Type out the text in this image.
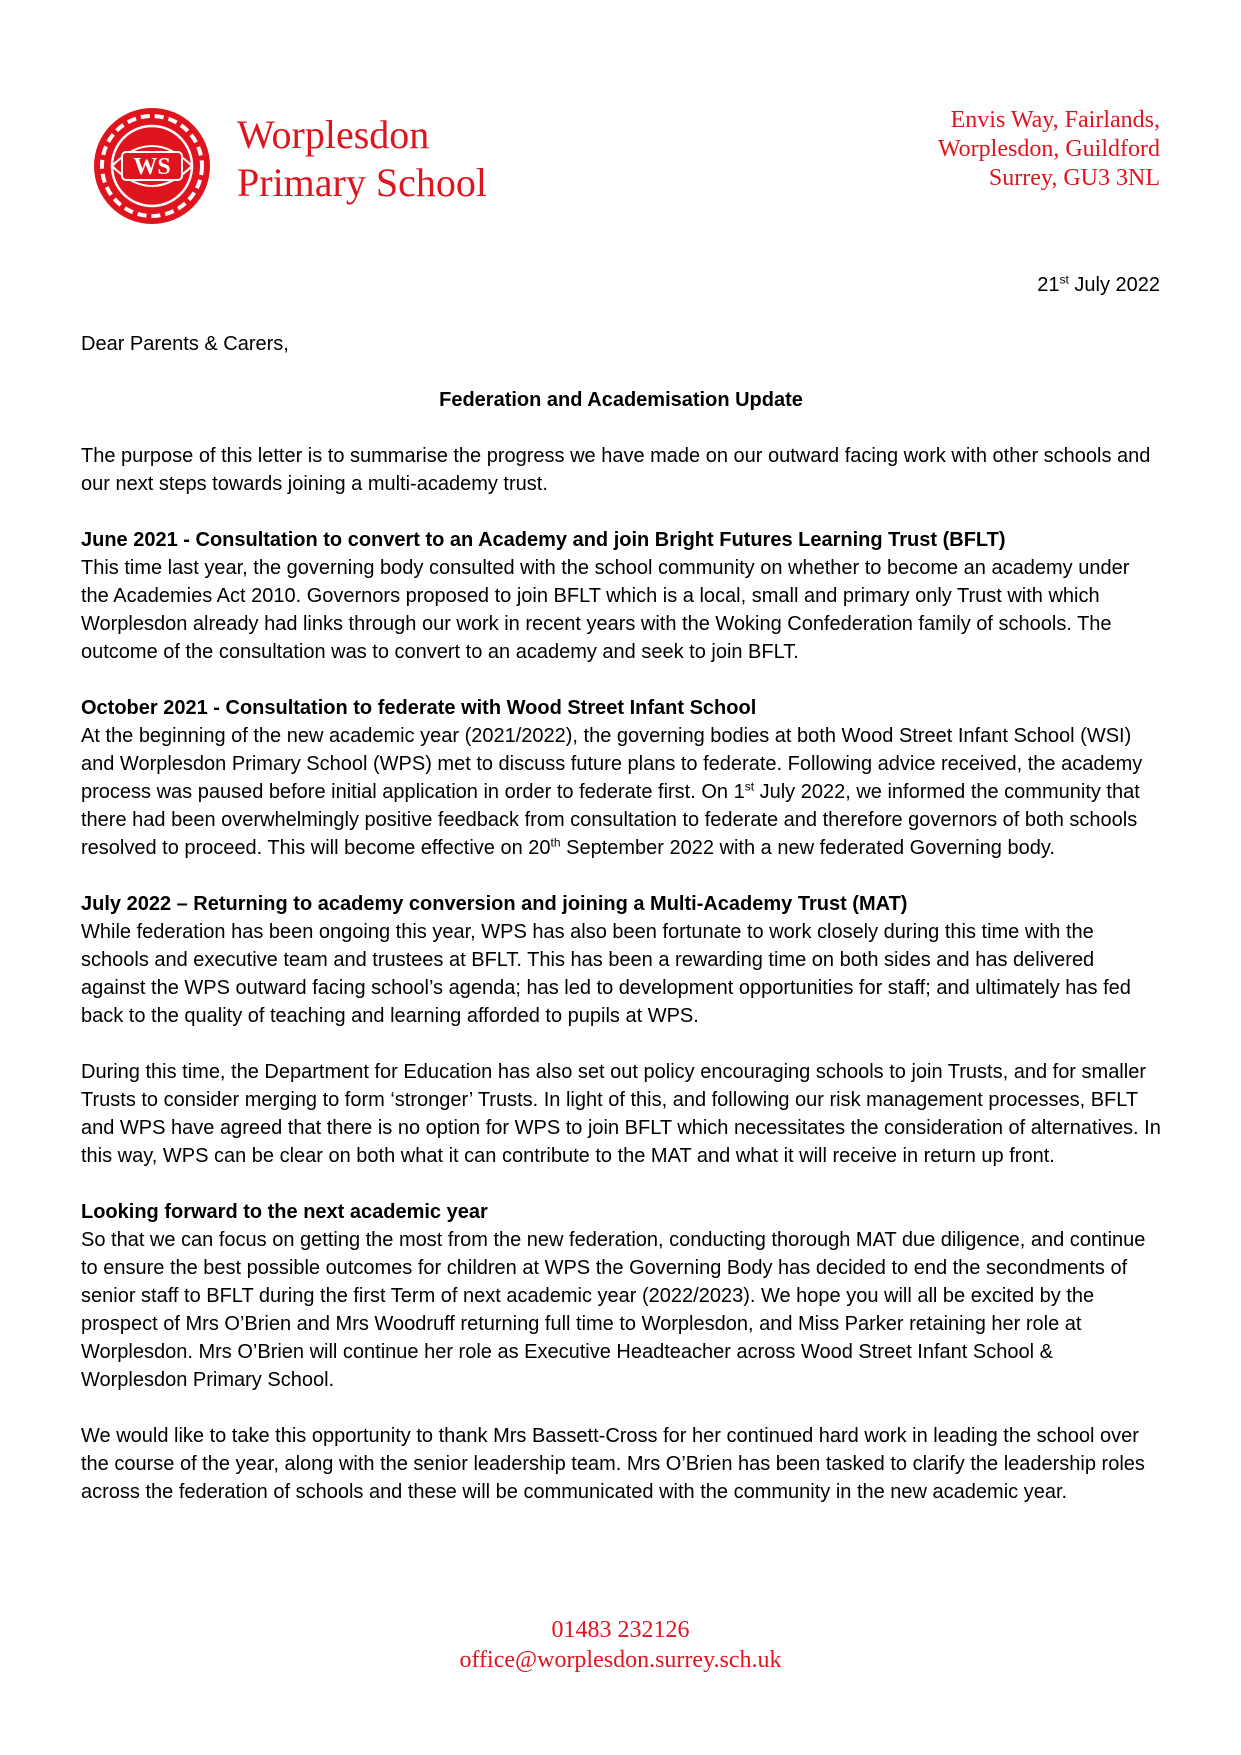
WS
Worplesdon
Primary School
Envis Way, Fairlands,
Worplesdon, Guildford
Surrey, GU3 3NL
21st July 2022

Dear Parents & Carers,

Federation and Academisation Update

The purpose of this letter is to summarise the progress we have made on our outward facing work with other schools and our next steps towards joining a multi-academy trust.

June 2021 - Consultation to convert to an Academy and join Bright Futures Learning Trust (BFLT)

This time last year, the governing body consulted with the school community on whether to become an academy under the Academies Act 2010. Governors proposed to join BFLT which is a local, small and primary only Trust with which Worplesdon already had links through our work in recent years with the Woking Confederation family of schools. The outcome of the consultation was to convert to an academy and seek to join BFLT.

October 2021 - Consultation to federate with Wood Street Infant School

At the beginning of the new academic year (2021/2022), the governing bodies at both Wood Street Infant School (WSI) and Worplesdon Primary School (WPS) met to discuss future plans to federate. Following advice received, the academy process was paused before initial application in order to federate first. On 1st July 2022, we informed the community that there had been overwhelmingly positive feedback from consultation to federate and therefore governors of both schools resolved to proceed. This will become effective on 20th September 2022 with a new federated Governing body.

July 2022 – Returning to academy conversion and joining a Multi-Academy Trust (MAT)

While federation has been ongoing this year, WPS has also been fortunate to work closely during this time with the schools and executive team and trustees at BFLT. This has been a rewarding time on both sides and has delivered against the WPS outward facing school’s agenda; has led to development opportunities for staff; and ultimately has fed back to the quality of teaching and learning afforded to pupils at WPS.

During this time, the Department for Education has also set out policy encouraging schools to join Trusts, and for smaller Trusts to consider merging to form ‘stronger’ Trusts. In light of this, and following our risk management processes, BFLT and WPS have agreed that there is no option for WPS to join BFLT which necessitates the consideration of alternatives. In this way, WPS can be clear on both what it can contribute to the MAT and what it will receive in return up front.

Looking forward to the next academic year

So that we can focus on getting the most from the new federation, conducting thorough MAT due diligence, and continue to ensure the best possible outcomes for children at WPS the Governing Body has decided to end the secondments of senior staff to BFLT during the first Term of next academic year (2022/2023). We hope you will all be excited by the prospect of Mrs O’Brien and Mrs Woodruff returning full time to Worplesdon, and Miss Parker retaining her role at Worplesdon. Mrs O’Brien will continue her role as Executive Headteacher across Wood Street Infant School & Worplesdon Primary School.

We would like to take this opportunity to thank Mrs Bassett-Cross for her continued hard work in leading the school over the course of the year, along with the senior leadership team. Mrs O’Brien has been tasked to clarify the leadership roles across the federation of schools and these will be communicated with the community in the new academic year.

01483 232126
office@worplesdon.surrey.sch.uk
